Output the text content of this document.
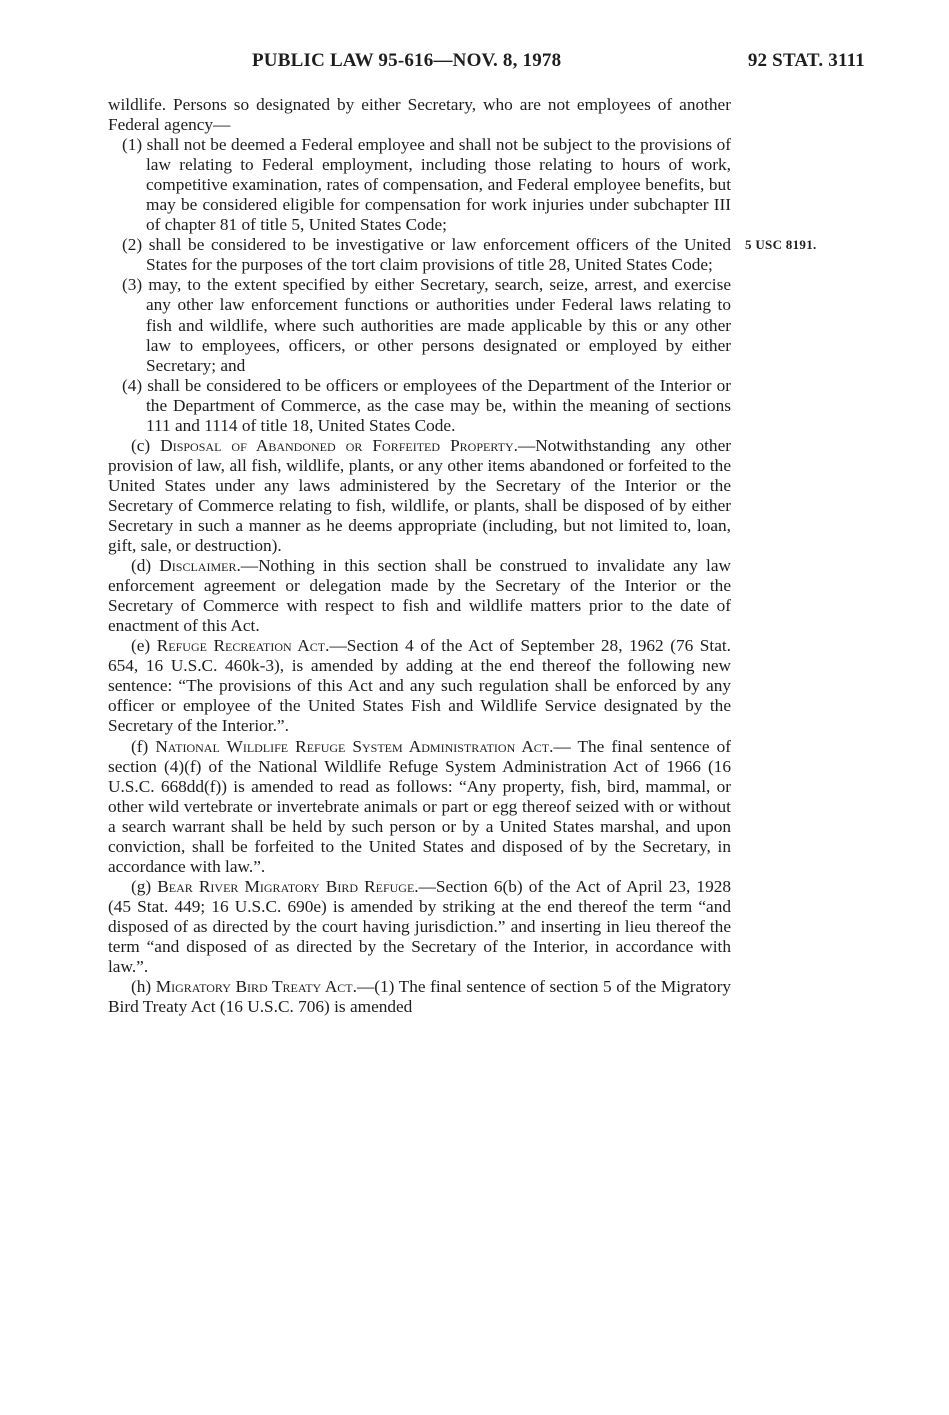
PUBLIC LAW 95-616—NOV. 8, 1978	92 STAT. 3111
5 USC 8191.

wildlife. Persons so designated by either Secretary, who are not employees of another Federal agency—

(1) shall not be deemed a Federal employee and shall not be subject to the provisions of law relating to Federal employment, including those relating to hours of work, competitive examination, rates of compensation, and Federal employee benefits, but may be considered eligible for compensation for work injuries under subchapter III of chapter 81 of title 5, United States Code;

(2) shall be considered to be investigative or law enforcement officers of the United States for the purposes of the tort claim provisions of title 28, United States Code;

(3) may, to the extent specified by either Secretary, search, seize, arrest, and exercise any other law enforcement functions or authorities under Federal laws relating to fish and wildlife, where such authorities are made applicable by this or any other law to employees, officers, or other persons designated or employed by either Secretary; and

(4) shall be considered to be officers or employees of the Department of the Interior or the Department of Commerce, as the case may be, within the meaning of sections 111 and 1114 of title 18, United States Code.

(c) Disposal of Abandoned or Forfeited Property.—Notwithstanding any other provision of law, all fish, wildlife, plants, or any other items abandoned or forfeited to the United States under any laws administered by the Secretary of the Interior or the Secretary of Commerce relating to fish, wildlife, or plants, shall be disposed of by either Secretary in such a manner as he deems appropriate (including, but not limited to, loan, gift, sale, or destruction).

(d) Disclaimer.—Nothing in this section shall be construed to invalidate any law enforcement agreement or delegation made by the Secretary of the Interior or the Secretary of Commerce with respect to fish and wildlife matters prior to the date of enactment of this Act.

(e) Refuge Recreation Act.—Section 4 of the Act of September 28, 1962 (76 Stat. 654, 16 U.S.C. 460k-3), is amended by adding at the end thereof the following new sentence: “The provisions of this Act and any such regulation shall be enforced by any officer or employee of the United States Fish and Wildlife Service designated by the Secretary of the Interior.”.

(f) National Wildlife Refuge System Administration Act.— The final sentence of section (4)(f) of the National Wildlife Refuge System Administration Act of 1966 (16 U.S.C. 668dd(f)) is amended to read as follows: “Any property, fish, bird, mammal, or other wild vertebrate or invertebrate animals or part or egg thereof seized with or without a search warrant shall be held by such person or by a United States marshal, and upon conviction, shall be forfeited to the United States and disposed of by the Secretary, in accordance with law.”.

(g) Bear River Migratory Bird Refuge.—Section 6(b) of the Act of April 23, 1928 (45 Stat. 449; 16 U.S.C. 690e) is amended by striking at the end thereof the term “and disposed of as directed by the court having jurisdiction.” and inserting in lieu thereof the term “and disposed of as directed by the Secretary of the Interior, in accordance with law.”.

(h) Migratory Bird Treaty Act.—(1) The final sentence of section 5 of the Migratory Bird Treaty Act (16 U.S.C. 706) is amended
